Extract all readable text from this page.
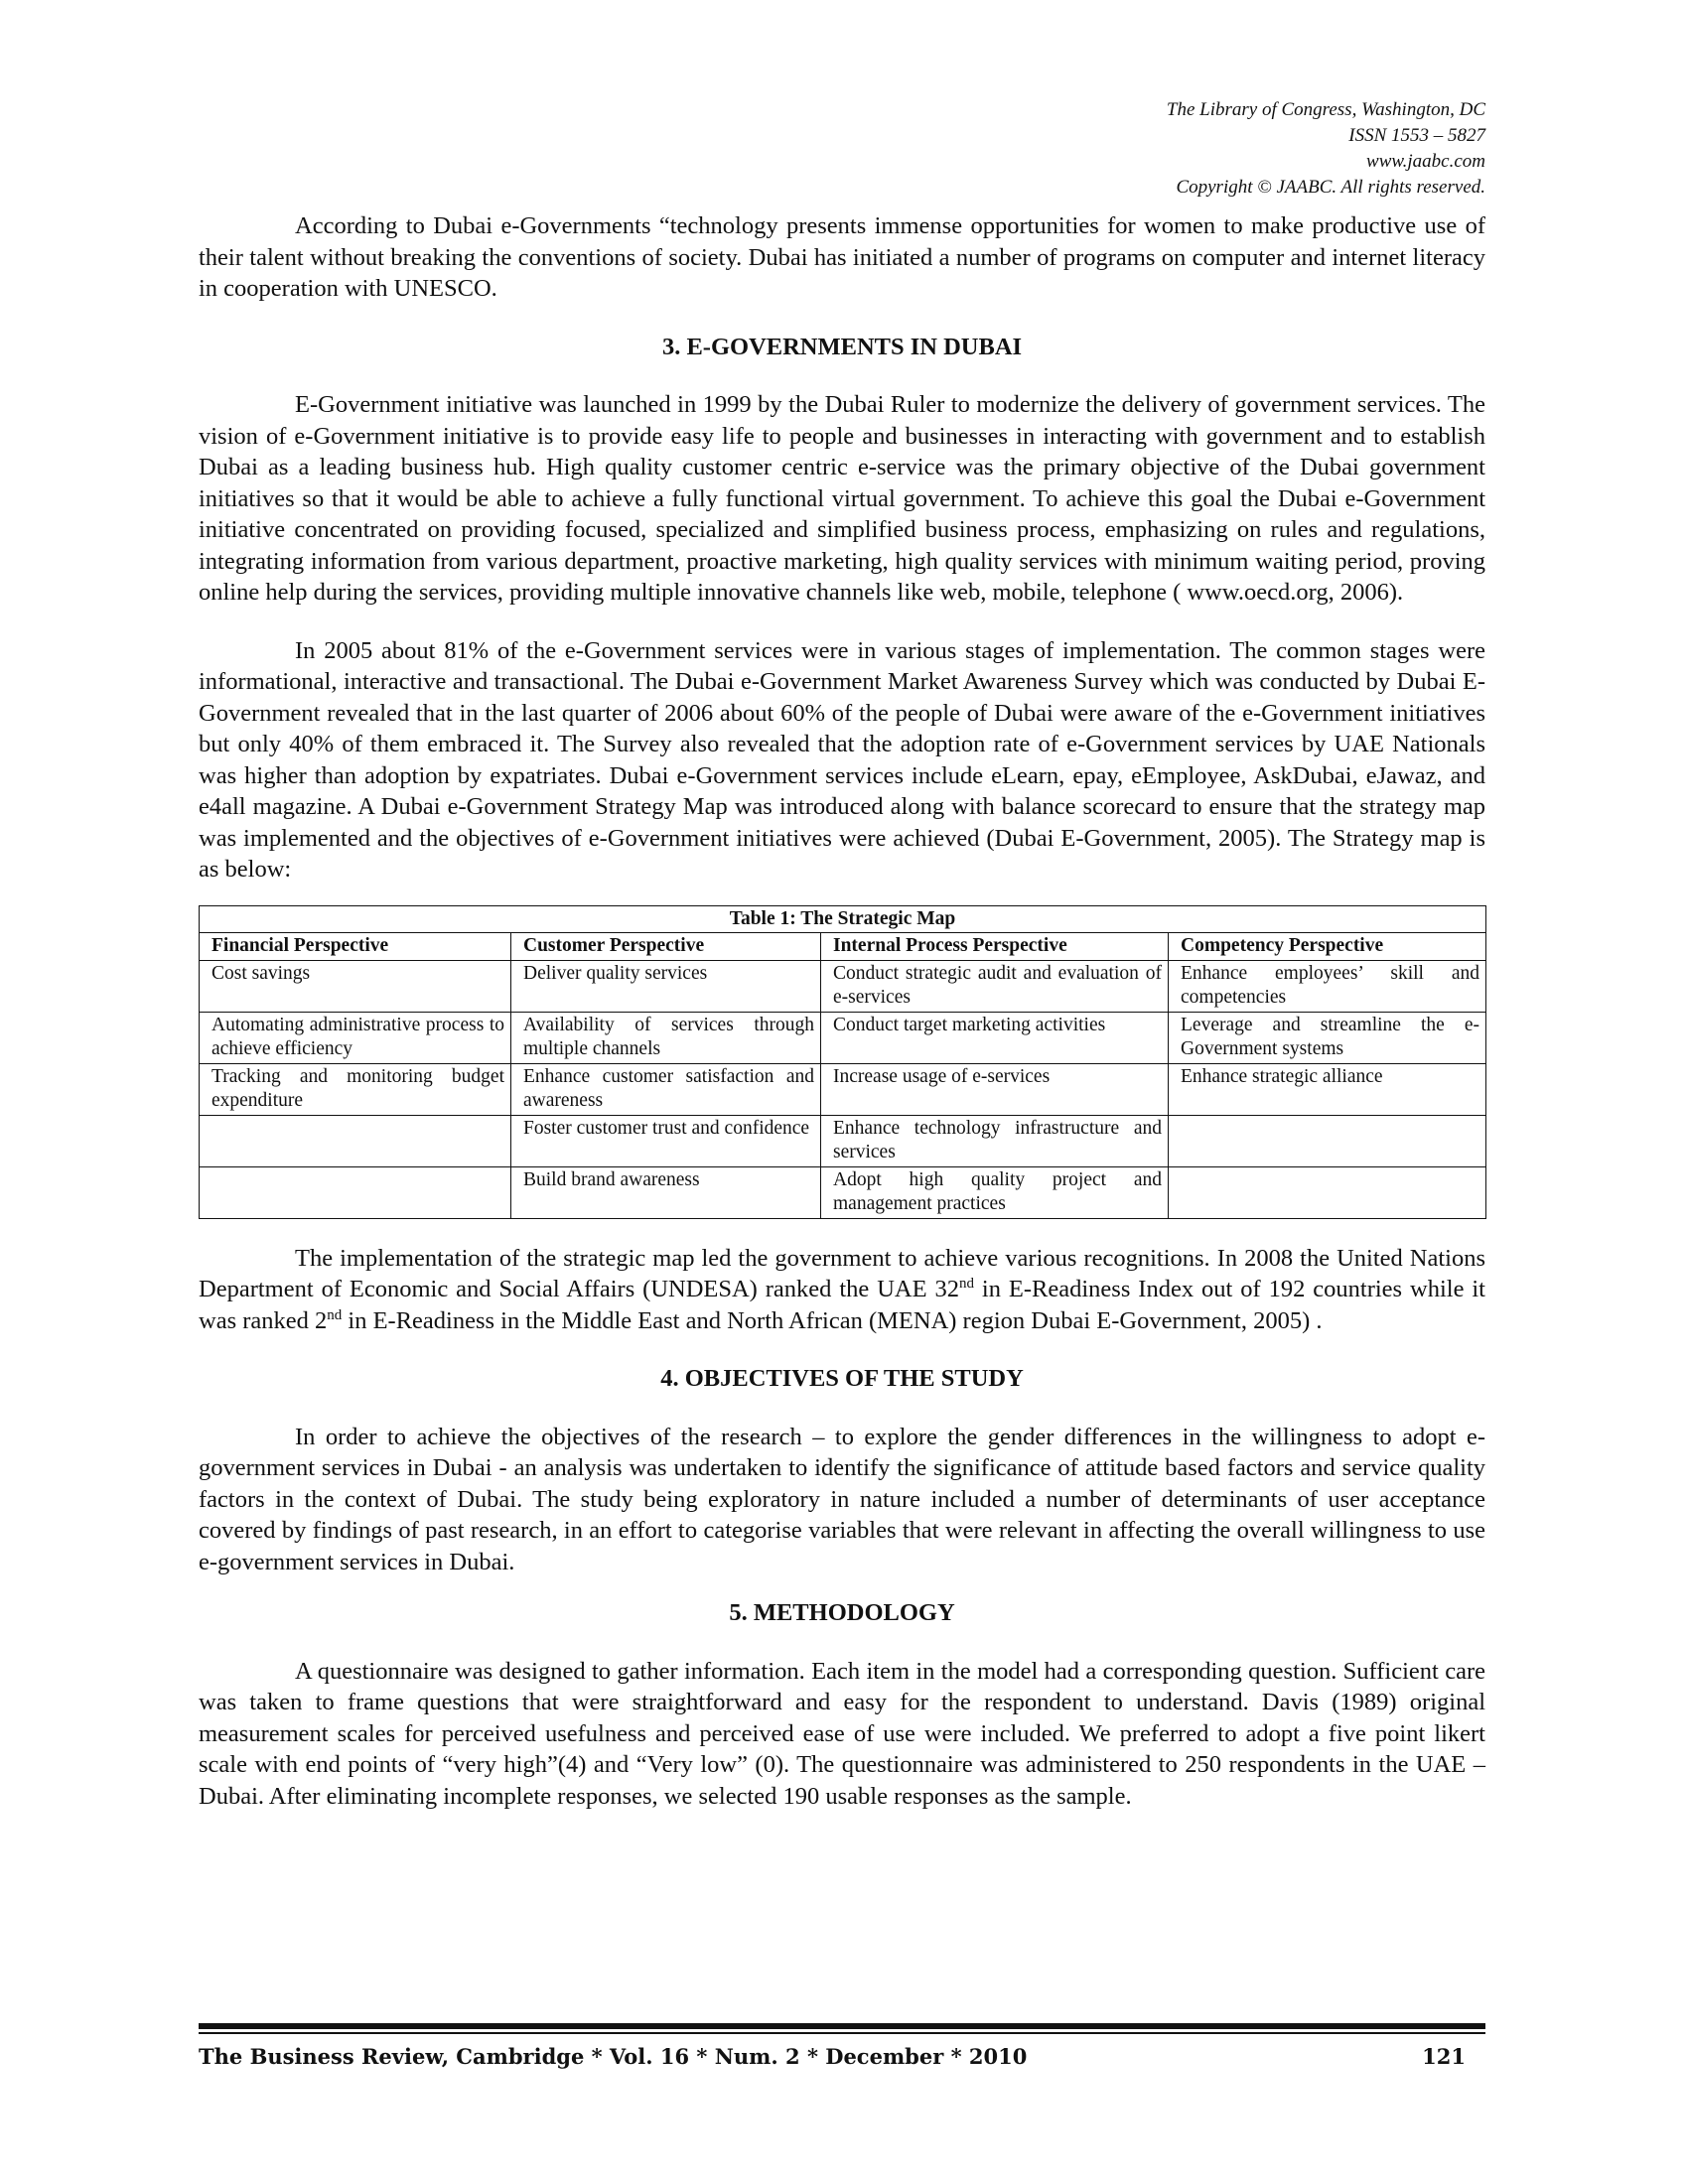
The Library of Congress, Washington, DC
ISSN 1553 – 5827
www.jaabc.com
Copyright © JAABC. All rights reserved.

According to Dubai e-Governments “technology presents immense opportunities for women to make productive use of their talent without breaking the conventions of society. Dubai has initiated a number of programs on computer and internet literacy in cooperation with UNESCO.

3. E-GOVERNMENTS IN DUBAI

E-Government initiative was launched in 1999 by the Dubai Ruler to modernize the delivery of government services. The vision of e-Government initiative is to provide easy life to people and businesses in interacting with government and to establish Dubai as a leading business hub. High quality customer centric e-service was the primary objective of the Dubai government initiatives so that it would be able to achieve a fully functional virtual government. To achieve this goal the Dubai e-Government initiative concentrated on providing focused, specialized and simplified business process, emphasizing on rules and regulations, integrating information from various department, proactive marketing, high quality services with minimum waiting period, proving online help during the services, providing multiple innovative channels like web, mobile, telephone ( www.oecd.org, 2006).

In 2005 about 81% of the e-Government services were in various stages of implementation. The common stages were informational, interactive and transactional. The Dubai e-Government Market Awareness Survey which was conducted by Dubai E-Government revealed that in the last quarter of 2006 about 60% of the people of Dubai were aware of the e-Government initiatives but only 40% of them embraced it. The Survey also revealed that the adoption rate of e-Government services by UAE Nationals was higher than adoption by expatriates. Dubai e-Government services include eLearn, epay, eEmployee, AskDubai, eJawaz, and e4all magazine. A Dubai e-Government Strategy Map was introduced along with balance scorecard to ensure that the strategy map was implemented and the objectives of e-Government initiatives were achieved (Dubai E-Government, 2005). The Strategy map is as below:

Table 1: The Strategic Map			
Financial Perspective	Customer Perspective	Internal Process Perspective	Competency Perspective
Cost savings	Deliver quality services	Conduct strategic audit and evaluation of e-services	Enhance employees’ skill and competencies
Automating administrative process to achieve efficiency	Availability of services through multiple channels	Conduct target marketing activities	Leverage and streamline the e-Government systems
Tracking and monitoring budget expenditure	Enhance customer satisfaction and awareness	Increase usage of e-services	Enhance strategic alliance
	Foster customer trust and confidence	Enhance technology infrastructure and services	
	Build brand awareness	Adopt high quality project and management practices	

The implementation of the strategic map led the government to achieve various recognitions. In 2008 the United Nations Department of Economic and Social Affairs (UNDESA) ranked the UAE 32nd in E-Readiness Index out of 192 countries while it was ranked 2nd in E-Readiness in the Middle East and North African (MENA) region Dubai E-Government, 2005) .

4. OBJECTIVES OF THE STUDY

In order to achieve the objectives of the research – to explore the gender differences in the willingness to adopt e-government services in Dubai - an analysis was undertaken to identify the significance of attitude based factors and service quality factors in the context of Dubai. The study being exploratory in nature included a number of determinants of user acceptance covered by findings of past research, in an effort to categorise variables that were relevant in affecting the overall willingness to use e-government services in Dubai.

5. METHODOLOGY

A questionnaire was designed to gather information. Each item in the model had a corresponding question. Sufficient care was taken to frame questions that were straightforward and easy for the respondent to understand. Davis (1989) original measurement scales for perceived usefulness and perceived ease of use were included. We preferred to adopt a five point likert scale with end points of “very high”(4) and “Very low” (0). The questionnaire was administered to 250 respondents in the UAE –Dubai. After eliminating incomplete responses, we selected 190 usable responses as the sample.

The Business Review, Cambridge * Vol. 16 * Num. 2 * December * 2010	121
